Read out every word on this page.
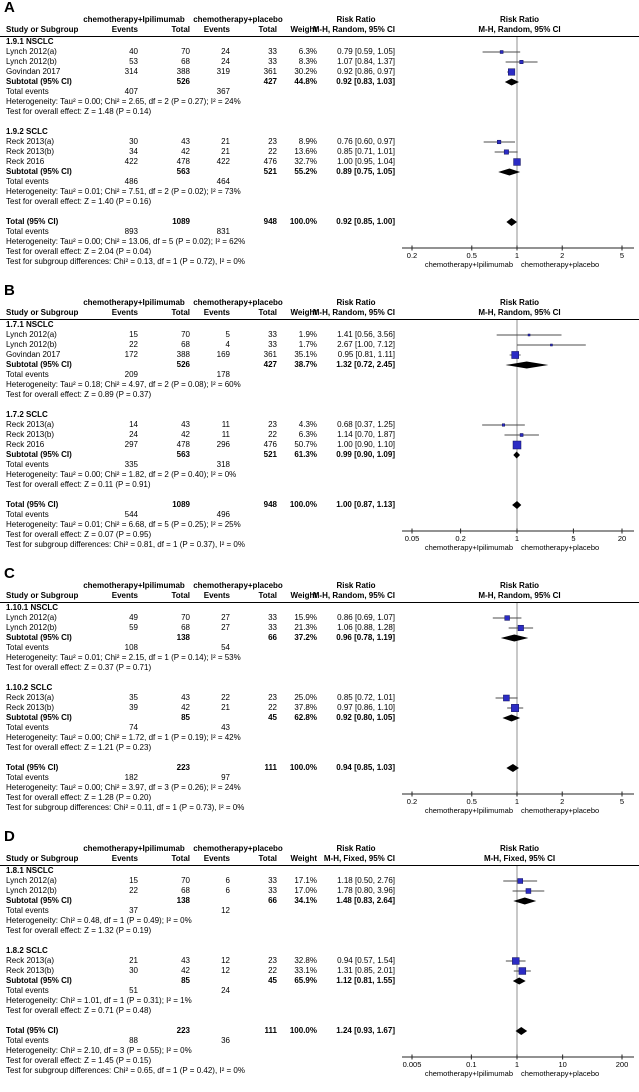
A
chemotherapy+Ipilimumab	chemotherapy+placebo	Risk Ratio	Risk Ratio
Study or Subgroup	Events	Total	Events	Total	Weight
M-H, Random, 95% CI	M-H, Random, 95% CI
1.9.1 NSCLC
Lynch 2012(a)	40	70	24	33	6.3%	0.79 [0.59, 1.05]
Lynch 2012(b)	53	68	24	33	8.3%	1.07 [0.84, 1.37]
Govindan 2017	314	388	319	361	30.2%	0.92 [0.86, 0.97]
Subtotal (95% CI)	526	427	44.8%	0.92 [0.83, 1.03]
Total events	407	367
Heterogeneity: Tau² = 0.00; Chi² = 2.65, df = 2 (P = 0.27); I² = 24%
Test for overall effect: Z = 1.48 (P = 0.14)
1.9.2 SCLC
Reck 2013(a)	30	43	21	23	8.9%	0.76 [0.60, 0.97]
Reck 2013(b)	34	42	21	22	13.6%	0.85 [0.71, 1.01]
Reck 2016	422	478	422	476	32.7%	1.00 [0.95, 1.04]
Subtotal (95% CI)	563	521	55.2%	0.89 [0.75, 1.05]
Total events	486	464
Heterogeneity: Tau² = 0.01; Chi² = 7.51, df = 2 (P = 0.02); I² = 73%
Test for overall effect: Z = 1.40 (P = 0.16)
Total (95% CI)	1089	948	100.0%	0.92 [0.85, 1.00]
Total events	893	831
Heterogeneity: Tau² = 0.00; Chi² = 13.06, df = 5 (P = 0.02); I² = 62%
Test for overall effect: Z = 2.04 (P = 0.04)
Test for subgroup differences: Chi² = 0.13, df = 1 (P = 0.72), I² = 0%
0.2	0.5	1	2	5
chemotherapy+Ipilimumab chemotherapy+placebo
B
chemotherapy+Ipilimumab	chemotherapy+placebo	Risk Ratio	Risk Ratio
Study or Subgroup	Events	Total	Events	Total	Weight
M-H, Random, 95% CI	M-H, Random, 95% CI
1.7.1 NSCLC
Lynch 2012(a)	15	70	5	33	1.9%	1.41 [0.56, 3.56]
Lynch 2012(b)	22	68	4	33	1.7%	2.67 [1.00, 7.12]
Govindan 2017	172	388	169	361	35.1%	0.95 [0.81, 1.11]
Subtotal (95% CI)	526	427	38.7%	1.32 [0.72, 2.45]
Total events	209	178
Heterogeneity: Tau² = 0.18; Chi² = 4.97, df = 2 (P = 0.08); I² = 60%
Test for overall effect: Z = 0.89 (P = 0.37)
1.7.2 SCLC
Reck 2013(a)	14	43	11	23	4.3%	0.68 [0.37, 1.25]
Reck 2013(b)	24	42	11	22	6.3%	1.14 [0.70, 1.87]
Reck 2016	297	478	296	476	50.7%	1.00 [0.90, 1.10]
Subtotal (95% CI)	563	521	61.3%	0.99 [0.90, 1.09]
Total events	335	318
Heterogeneity: Tau² = 0.00; Chi² = 1.82, df = 2 (P = 0.40); I² = 0%
Test for overall effect: Z = 0.11 (P = 0.91)
Total (95% CI)	1089	948	100.0%	1.00 [0.87, 1.13]
Total events	544	496
Heterogeneity: Tau² = 0.01; Chi² = 6.68, df = 5 (P = 0.25); I² = 25%
Test for overall effect: Z = 0.07 (P = 0.95)
Test for subgroup differences: Chi² = 0.81, df = 1 (P = 0.37), I² = 0%
0.05	0.2	1	5	20
chemotherapy+Ipilimumab chemotherapy+placebo
C
chemotherapy+Ipilimumab	chemotherapy+placebo	Risk Ratio	Risk Ratio
Study or Subgroup	Events	Total	Events	Total	Weight
M-H, Random, 95% CI	M-H, Random, 95% CI
1.10.1 NSCLC
Lynch 2012(a)	49	70	27	33	15.9%	0.86 [0.69, 1.07]
Lynch 2012(b)	59	68	27	33	21.3%	1.06 [0.88, 1.28]
Subtotal (95% CI)	138	66	37.2%	0.96 [0.78, 1.19]
Total events	108	54
Heterogeneity: Tau² = 0.01; Chi² = 2.15, df = 1 (P = 0.14); I² = 53%
Test for overall effect: Z = 0.37 (P = 0.71)
1.10.2 SCLC
Reck 2013(a)	35	43	22	23	25.0%	0.85 [0.72, 1.01]
Reck 2013(b)	39	42	21	22	37.8%	0.97 [0.86, 1.10]
Subtotal (95% CI)	85	45	62.8%	0.92 [0.80, 1.05]
Total events	74	43
Heterogeneity: Tau² = 0.00; Chi² = 1.72, df = 1 (P = 0.19); I² = 42%
Test for overall effect: Z = 1.21 (P = 0.23)
Total (95% CI)	223	111	100.0%	0.94 [0.85, 1.03]
Total events	182	97
Heterogeneity: Tau² = 0.00; Chi² = 3.97, df = 3 (P = 0.26); I² = 24%
Test for overall effect: Z = 1.28 (P = 0.20)
Test for subgroup differences: Chi² = 0.11, df = 1 (P = 0.73), I² = 0%
0.2	0.5	1	2	5
chemotherapy+Ipilimumab chemotherapy+placebo
D
chemotherapy+Ipilimumab	chemotherapy+placebo	Risk Ratio	Risk Ratio
Study or Subgroup	Events	Total	Events	Total	Weight M-H, Fixed, 95% CI	M-H, Fixed, 95% CI
1.8.1 NSCLC
Lynch 2012(a)	15	70	6	33	17.1%	1.18 [0.50, 2.76]
Lynch 2012(b)	22	68	6	33	17.0%	1.78 [0.80, 3.96]
Subtotal (95% CI)	138	66	34.1%	1.48 [0.83, 2.64]
Total events	37	12
Heterogeneity: Chi² = 0.48, df = 1 (P = 0.49); I² = 0%
Test for overall effect: Z = 1.32 (P = 0.19)
1.8.2 SCLC
Reck 2013(a)	21	43	12	23	32.8%	0.94 [0.57, 1.54]
Reck 2013(b)	30	42	12	22	33.1%	1.31 [0.85, 2.01]
Subtotal (95% CI)	85	45	65.9%	1.12 [0.81, 1.55]
Total events	51	24
Heterogeneity: Chi² = 1.01, df = 1 (P = 0.31); I² = 1%
Test for overall effect: Z = 0.71 (P = 0.48)
Total (95% CI)	223	111	100.0%	1.24 [0.93, 1.67]
Total events	88	36
Heterogeneity: Chi² = 2.10, df = 3 (P = 0.55); I² = 0%
Test for overall effect: Z = 1.45 (P = 0.15)
Test for subgroup differences: Chi² = 0.65, df = 1 (P = 0.42), I² = 0%
0.005	0.1	1	10	200
chemotherapy+Ipilimumab chemotherapy+placebo
